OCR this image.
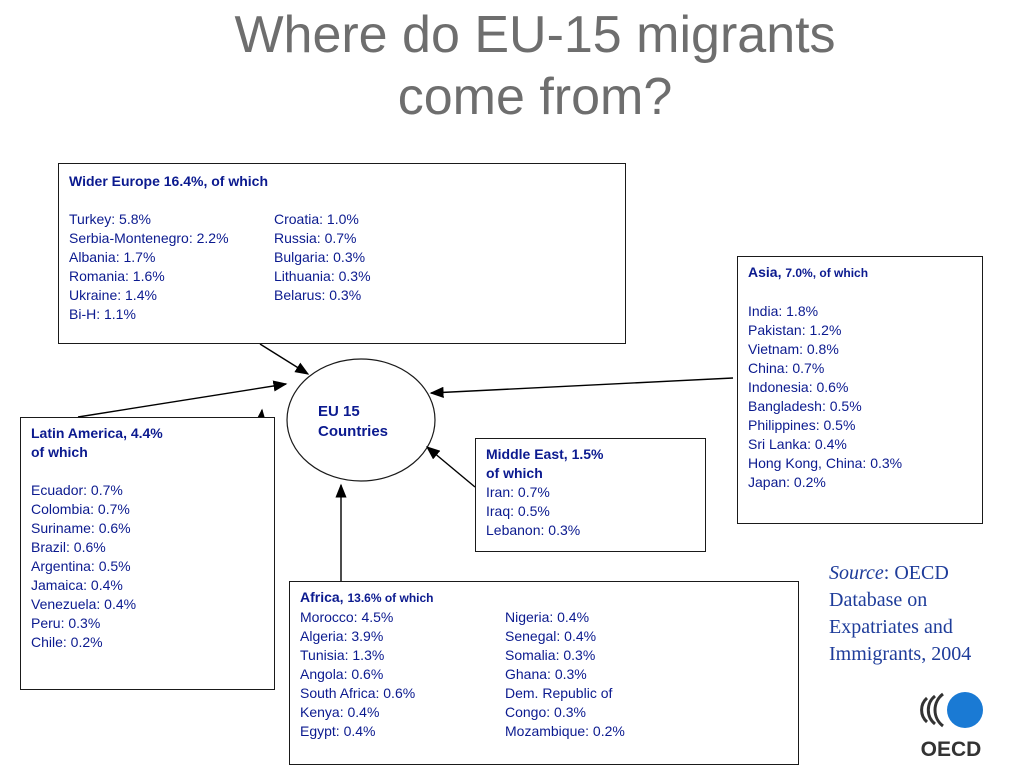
Where do EU-15 migrants
come from?
EU 15
Countries
Wider Europe 16.4%, of which
Turkey: 5.8%
Serbia-Montenegro: 2.2%
Albania: 1.7%
Romania: 1.6%
Ukraine: 1.4%
Bi-H: 1.1%
Croatia: 1.0%
Russia: 0.7%
Bulgaria: 0.3%
Lithuania: 0.3%
Belarus: 0.3%
Asia, 7.0%, of which
India: 1.8%
Pakistan: 1.2%
Vietnam: 0.8%
China: 0.7%
Indonesia: 0.6%
Bangladesh: 0.5%
Philippines: 0.5%
Sri Lanka: 0.4%
Hong Kong, China: 0.3%
Japan: 0.2%
Latin America, 4.4%
of which
Ecuador: 0.7%
Colombia: 0.7%
Suriname: 0.6%
Brazil: 0.6%
Argentina: 0.5%
Jamaica: 0.4%
Venezuela: 0.4%
Peru: 0.3%
Chile: 0.2%
Middle East, 1.5%
of which
Iran: 0.7%
Iraq: 0.5%
Lebanon: 0.3%
Africa, 13.6% of which
Morocco: 4.5%
Algeria: 3.9%
Tunisia: 1.3%
Angola: 0.6%
South Africa: 0.6%
Kenya: 0.4%
Egypt: 0.4%
Nigeria: 0.4%
Senegal: 0.4%
Somalia: 0.3%
Ghana: 0.3%
Dem. Republic of
Congo: 0.3%
Mozambique: 0.2%
Source: OECD Database on Expatriates and Immigrants, 2004
OECD
